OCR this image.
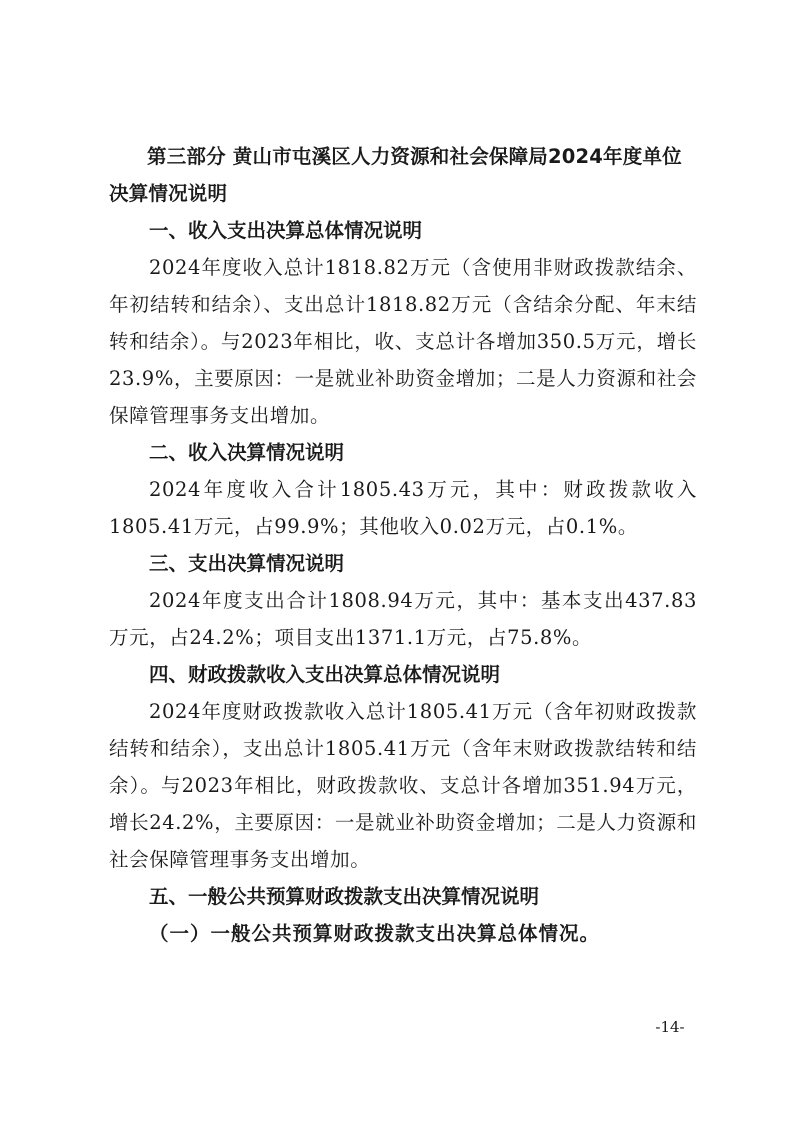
第三部分 黄山市屯溪区人力资源和社会保障局2024年度单位决算情况说明

一、收入支出决算总体情况说明

2024年度收入总计1818.82万元（含使用非财政拨款结余、年初结转和结余）、支出总计1818.82万元（含结余分配、年末结转和结余）。与2023年相比，收、支总计各增加350.5万元，增长23.9%，主要原因：一是就业补助资金增加；二是人力资源和社会保障管理事务支出增加。

二、收入决算情况说明

2024年度收入合计1805.43万元，其中：财政拨款收入1805.41万元，占99.9%；其他收入0.02万元，占0.1%。

三、支出决算情况说明

2024年度支出合计1808.94万元，其中：基本支出437.83万元，占24.2%；项目支出1371.1万元，占75.8%。

四、财政拨款收入支出决算总体情况说明

2024年度财政拨款收入总计1805.41万元（含年初财政拨款结转和结余），支出总计1805.41万元（含年末财政拨款结转和结余）。与2023年相比，财政拨款收、支总计各增加351.94万元，增长24.2%，主要原因：一是就业补助资金增加；二是人力资源和社会保障管理事务支出增加。

五、一般公共预算财政拨款支出决算情况说明

（一）一般公共预算财政拨款支出决算总体情况。

-14-
